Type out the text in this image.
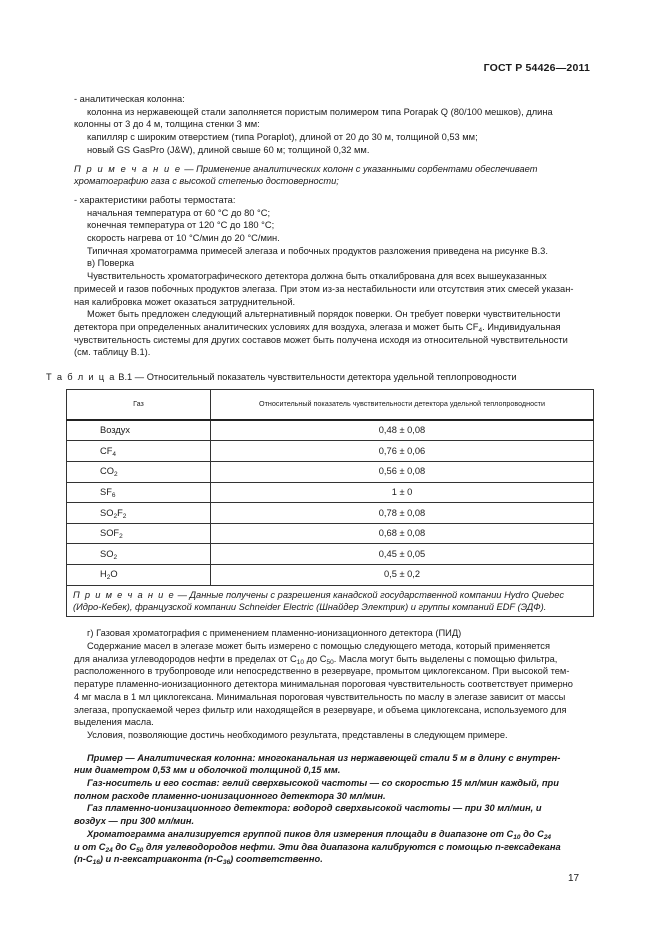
ГОСТ Р 54426—2011

- аналитическая колонна:

колонна из нержавеющей стали заполняется пористым полимером типа Porapak Q (80/100 мешков), длина

колонны от 3 до 4 м, толщина стенки 3 мм:

капилляр с широким отверстием (типа Poraplot), длиной от 20 до 30 м, толщиной 0,53 мм;

новый GS GasPro (J&W), длиной свыше 60 м; толщиной 0,32 мм.

П р и м е ч а н и е — Применение аналитических колонн с указанными сорбентами обеспечивает

хроматографию газа с высокой степенью достоверности;

- характеристики работы термостата:

начальная температура от 60 °С до 80 °С;

конечная температура от 120 °С до 180 °С;

скорость нагрева от 10 °С/мин до 20 °С/мин.

Типичная хроматограмма примесей элегаза и побочных продуктов разложения приведена на рисунке В.3.

в) Поверка

Чувствительность хроматографического детектора должна быть откалибрована для всех вышеуказанных

примесей и газов побочных продуктов элегаза. При этом из-за нестабильности или отсутствия этих смесей указан-

ная калибровка может оказаться затруднительной.

Может быть предложен следующий альтернативный порядок поверки. Он требует поверки чувствительности

детектора при определенных аналитических условиях для воздуха, элегаза и может быть $CF_4$. Индивидуальная

чувствительность системы для других составов может быть получена исходя из относительной чувствительности

(см. таблицу В.1).

Т а б л и ц а В.1 — Относительный показатель чувствительности детектора удельной теплопроводности

Газ	Относительный показатель чувствительности детектора удельной теплопроводности
Воздух	0,48 ± 0,08
$CF_4$	0,76 ± 0,06
$CO_2$	0,56 ± 0,08
$SF_6$	1 ± 0
$SO_2F_2$	0,78 ± 0,08
$SOF_2$	0,68 ± 0,08
$SO_2$	0,45 ± 0,05
$H_2O$	0,5 ± 0,2
П р и м е ч а н и е — Данные получены с разрешения канадской государственной компании Hydro Quebec
(Идро-Кебек), французской компании Schneider Electric (Шнайдер Электрик) и группы компаний EDF (ЭДФ).	

г) Газовая хроматография с применением пламенно-ионизационного детектора (ПИД)

Содержание масел в элегазе может быть измерено с помощью следующего метода, который применяется

для анализа углеводородов нефти в пределах от $C_{10}$ до $C_{50}$. Масла могут быть выделены с помощью фильтра,

расположенного в трубопроводе или непосредственно в резервуаре, промытом циклогексаном. При высокой тем-

пературе пламенно-ионизационного детектора минимальная пороговая чувствительность соответствует примерно

4 мг масла в 1 мл циклогексана. Минимальная пороговая чувствительность по маслу в элегазе зависит от массы

элегаза, пропускаемой через фильтр или находящейся в резервуаре, и объема циклогексана, используемого для

выделения масла.

Условия, позволяющие достичь необходимого результата, представлены в следующем примере.

Пример — Аналитическая колонна: многоканальная из нержавеющей стали 5 м в длину с внутрен-

ним диаметром 0,53 мм и оболочкой толщиной 0,15 мм.

Газ-носитель и его состав: гелий сверхвысокой частоты — со скоростью 15 мл/мин каждый, при

полном расходе пламенно-ионизационного детектора 30 мл/мин.

Газ пламенно-ионизационного детектора: водород сверхвысокой частоты — при 30 мл/мин, и

воздух — при 300 мл/мин.

Хроматограмма анализируется группой пиков для измерения площади в диапазоне от $C_{10}$ до $C_{24}$

и от $C_{24}$ до $C_{50}$ для углеводородов нефти. Эти два диапазона калибруются с помощью n-гексадекана

$(n-C_{16})$ и n-гексатриаконта $(n-C_{36})$ соответственно.

17
